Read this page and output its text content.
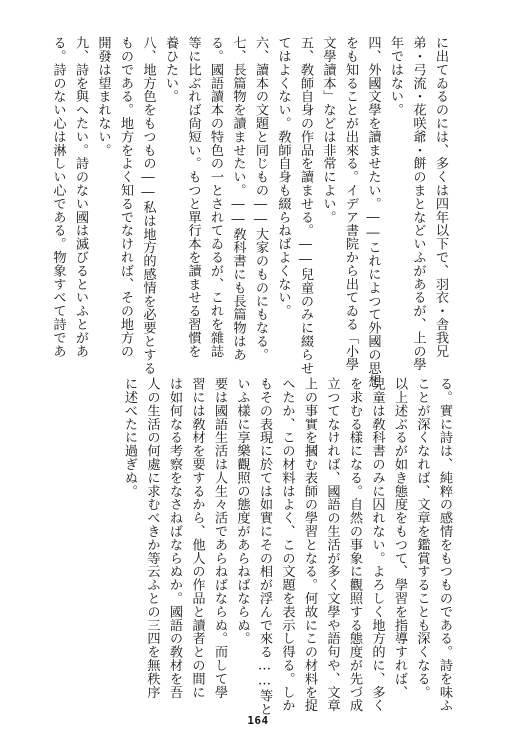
に出てゐるのには、多くは四年以下で、羽衣・舎我兄
弟・弓流・花咲爺・餅のまとなどいふがあるが、上の學
年ではない。
四、外國文學を讀ませたい。――これによつて外國の思想
をも知ることが出來る。イデア書院から出てゐる「小學
文學讀本」などは非常によい。
五、敎師自身の作品を讀ませる。――兒童のみに綴らせ
てはよくない。敎師自身も綴らねばよくない。
六、讀本の文題と同じもの――大家のものにもなる。
七、長篇物を讀ませたい。――敎科書にも長篇物はあ
る。國語讀本の特色の一とされてゐるが、これを雜誌
等に比ぶれば尙短い。もつと單行本を讀ませる習慣を
養ひたい。
八、地方色をもつもの――私は地方的感情を必要とする
ものである。地方をよく知るでなければ、その地方の
開發は望まれない。
九、詩を與へたい。詩のない國は滅びるといふとがあ
る。詩のない心は淋しい心である。物象すべて詩であ
る。實に詩は、純粹の感情をもつものである。詩を味ふ
ことが深くなれば、文章を鑑賞することも深くなる。
以上述ぶるが如き態度をもつて、學習を指導すれば、
兒童は敎科書のみに囚れない。よろしく地方的に、多く
を求むる樣になる。自然の事象に觀照する態度が先づ成
立つてなければ、國語の生活が多く文學や語句や、文章
上の事實を摑む表師の學習となる。何故にこの材料を捉
へたか、この材料はよく、この文題を表示し得る。しか
もその表現に於ては如實にその相が浮んで來る……等と
いふ樣に享樂觀照の態度があらねばならぬ。
要は國語生活は人生々活であらねばならぬ。而して學
習には敎材を要するから、他人の作品と讀者との間に
は如何なる考察をなさねばならぬか。國語の敎材を吾
人の生活の何處に求むべきか等云ふとの三四を無秩序
に述べたに過ぎぬ。
164
